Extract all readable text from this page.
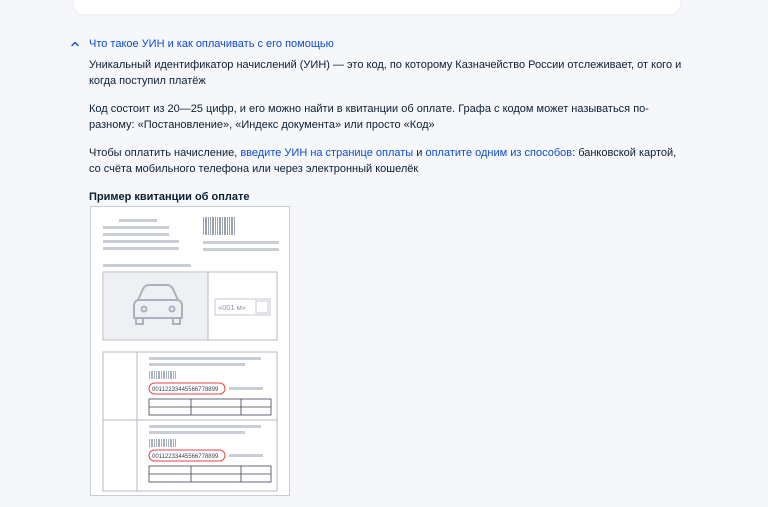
Что такое УИН и как оплачивать с его помощью

Уникальный идентификатор начислений (УИН) — это код, по которому Казначейство России отслеживает, от кого и когда поступил платёж

Код состоит из 20—25 цифр, и его можно найти в квитанции об оплате. Графа с кодом может называться по-разному: «Постановление», «Индекс документа» или просто «Код»

Чтобы оплатить начисление, введите УИН на странице оплаты и оплатите одним из способов: банковской картой, со счёта мобильного телефона или через электронный кошелёк

Пример квитанции об оплате

«001 м»
00112233445566778899
00112233445566778899
